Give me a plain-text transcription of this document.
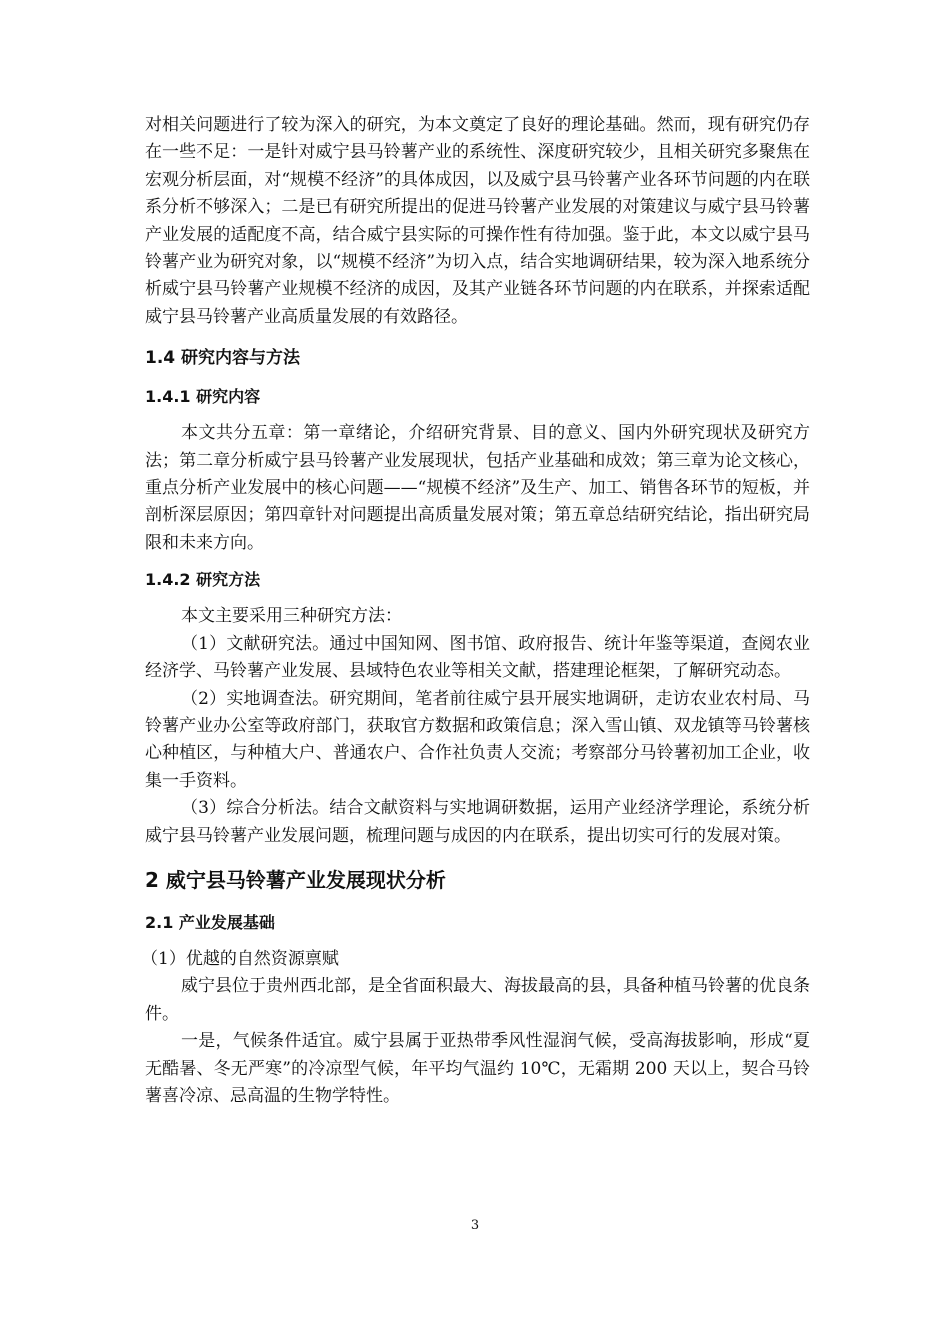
对相关问题进行了较为深入的研究，为本文奠定了良好的理论基础。然而，现有研究仍存在一些不足：一是针对威宁县马铃薯产业的系统性、深度研究较少，且相关研究多聚焦在宏观分析层面，对“规模不经济”的具体成因，以及威宁县马铃薯产业各环节问题的内在联系分析不够深入；二是已有研究所提出的促进马铃薯产业发展的对策建议与威宁县马铃薯产业发展的适配度不高，结合威宁县实际的可操作性有待加强。鉴于此，本文以威宁县马铃薯产业为研究对象，以“规模不经济”为切入点，结合实地调研结果，较为深入地系统分析威宁县马铃薯产业规模不经济的成因，及其产业链各环节问题的内在联系，并探索适配威宁县马铃薯产业高质量发展的有效路径。

1.4 研究内容与方法
1.4.1 研究内容

本文共分五章：第一章绪论，介绍研究背景、目的意义、国内外研究现状及研究方法；第二章分析威宁县马铃薯产业发展现状，包括产业基础和成效；第三章为论文核心，重点分析产业发展中的核心问题——“规模不经济”及生产、加工、销售各环节的短板，并剖析深层原因；第四章针对问题提出高质量发展对策；第五章总结研究结论，指出研究局限和未来方向。

1.4.2 研究方法

本文主要采用三种研究方法：

（1）文献研究法。通过中国知网、图书馆、政府报告、统计年鉴等渠道，查阅农业经济学、马铃薯产业发展、县域特色农业等相关文献，搭建理论框架，了解研究动态。

（2）实地调查法。研究期间，笔者前往威宁县开展实地调研，走访农业农村局、马铃薯产业办公室等政府部门，获取官方数据和政策信息；深入雪山镇、双龙镇等马铃薯核心种植区，与种植大户、普通农户、合作社负责人交流；考察部分马铃薯初加工企业，收集一手资料。

（3）综合分析法。结合文献资料与实地调研数据，运用产业经济学理论，系统分析威宁县马铃薯产业发展问题，梳理问题与成因的内在联系，提出切实可行的发展对策。

2 威宁县马铃薯产业发展现状分析
2.1 产业发展基础

（1）优越的自然资源禀赋

威宁县位于贵州西北部，是全省面积最大、海拔最高的县，具备种植马铃薯的优良条件。

一是，气候条件适宜。威宁县属于亚热带季风性湿润气候，受高海拔影响，形成“夏无酷暑、冬无严寒”的冷凉型气候，年平均气温约 10℃，无霜期 200 天以上，契合马铃薯喜冷凉、忌高温的生物学特性。

3
